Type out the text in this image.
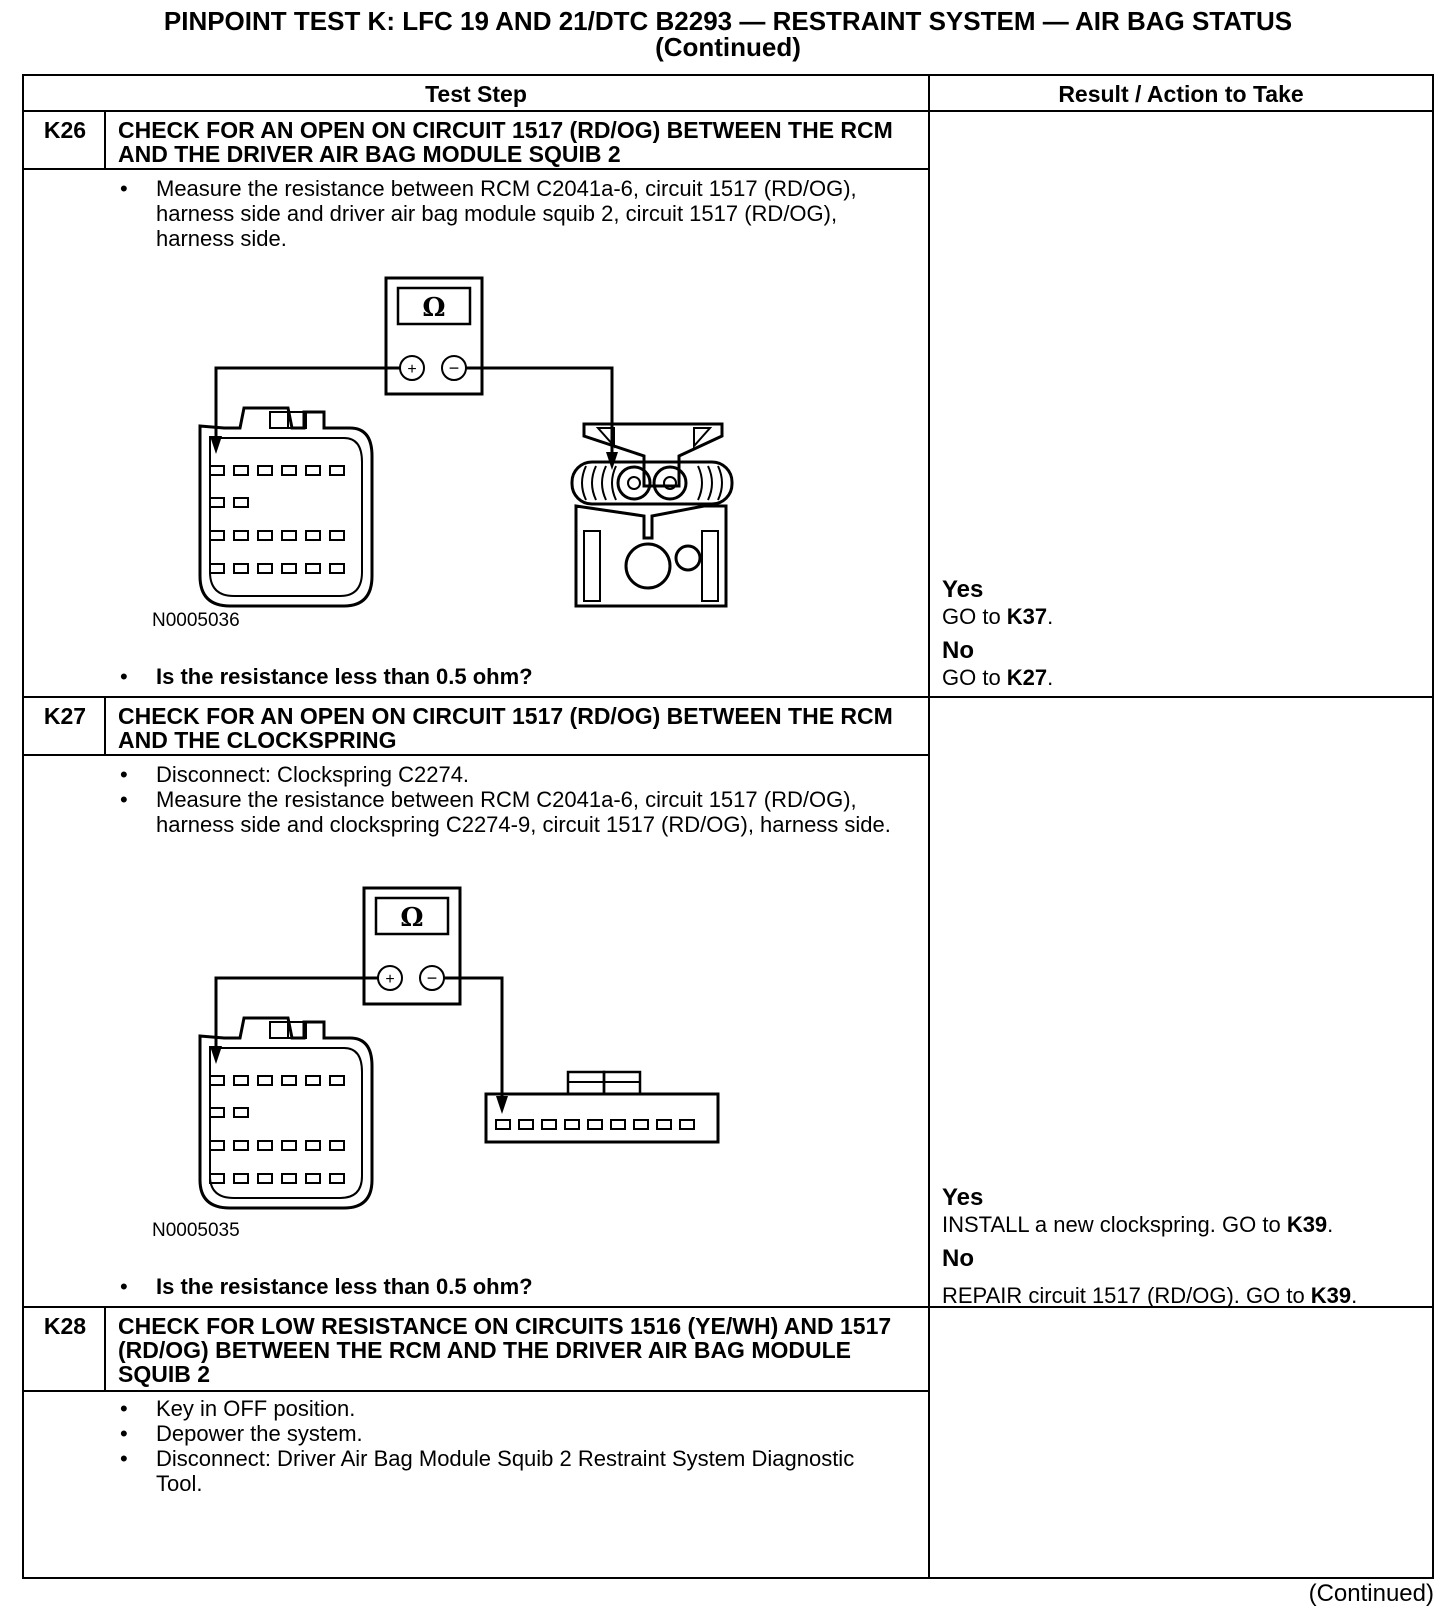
PINPOINT TEST K: LFC 19 AND 21/DTC B2293 — RESTRAINT SYSTEM — AIR BAG STATUS
(Continued)
Test Step	Result / Action to Take
K26	CHECK FOR AN OPEN ON CIRCUIT 1517 (RD/OG) BETWEEN THE RCM AND THE DRIVER AIR BAG MODULE SQUIB 2
• Measure the resistance between RCM C2041a-6, circuit 1517 (RD/OG), harness side and driver air bag module squib 2, circuit 1517 (RD/OG), harness side.
Ω
+ −
N0005036
• Is the resistance less than 0.5 ohm?
Yes
GO to K37.
No
GO to K27.
K27	CHECK FOR AN OPEN ON CIRCUIT 1517 (RD/OG) BETWEEN THE RCM AND THE CLOCKSPRING
• Disconnect: Clockspring C2274.
• Measure the resistance between RCM C2041a-6, circuit 1517 (RD/OG), harness side and clockspring C2274-9, circuit 1517 (RD/OG), harness side.
Ω
+ −
N0005035
• Is the resistance less than 0.5 ohm?
Yes
INSTALL a new clockspring. GO to K39.
No
REPAIR circuit 1517 (RD/OG). GO to K39.
K28	CHECK FOR LOW RESISTANCE ON CIRCUITS 1516 (YE/WH) AND 1517 (RD/OG) BETWEEN THE RCM AND THE DRIVER AIR BAG MODULE SQUIB 2
• Key in OFF position.
• Depower the system.
• Disconnect: Driver Air Bag Module Squib 2 Restraint System Diagnostic Tool.
(Continued)
